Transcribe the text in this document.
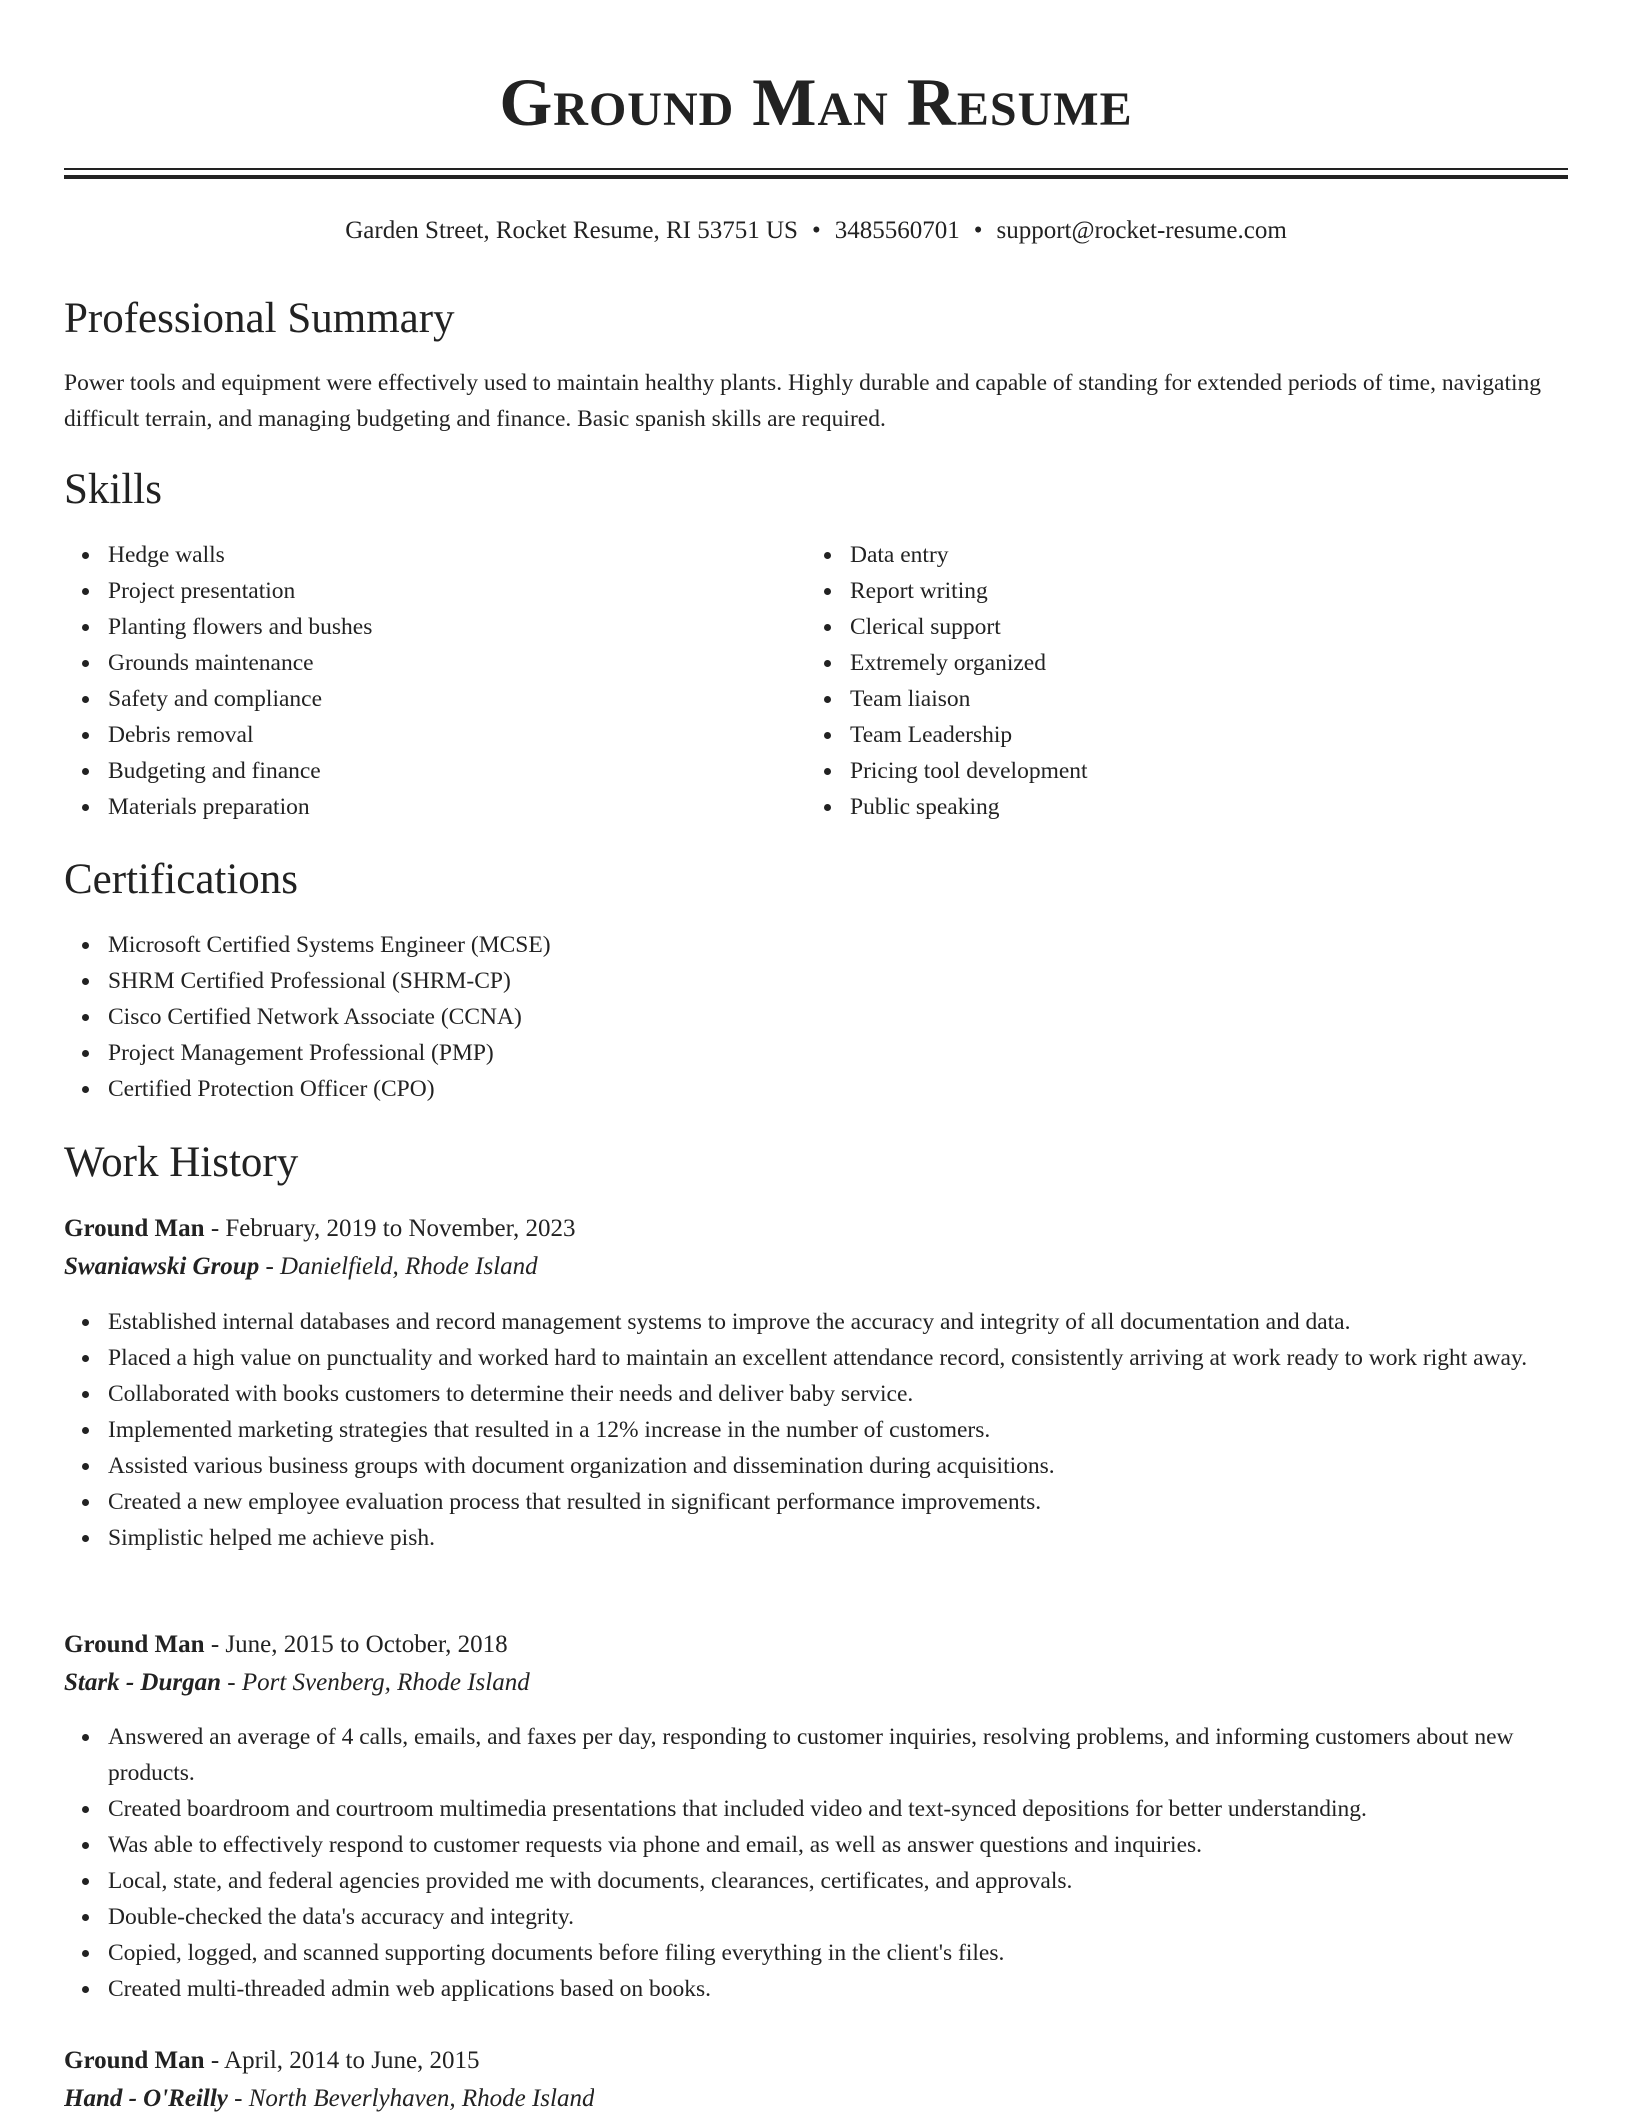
Ground Man Resume
Garden Street, Rocket Resume, RI 53751 US • 3485560701 • support@rocket-resume.com
Professional Summary

Power tools and equipment were effectively used to maintain healthy plants. Highly durable and capable of standing for extended periods of time, navigating difficult terrain, and managing budgeting and finance. Basic spanish skills are required.

Skills
Hedge walls
Project presentation
Planting flowers and bushes
Grounds maintenance
Safety and compliance
Debris removal
Budgeting and finance
Materials preparation
Data entry
Report writing
Clerical support
Extremely organized
Team liaison
Team Leadership
Pricing tool development
Public speaking
Certifications
Microsoft Certified Systems Engineer (MCSE)
SHRM Certified Professional (SHRM-CP)
Cisco Certified Network Associate (CCNA)
Project Management Professional (PMP)
Certified Protection Officer (CPO)
Work History
Ground Man - February, 2019 to November, 2023
Swaniawski Group - Danielfield, Rhode Island
Established internal databases and record management systems to improve the accuracy and integrity of all documentation and data.
Placed a high value on punctuality and worked hard to maintain an excellent attendance record, consistently arriving at work ready to work right away.
Collaborated with books customers to determine their needs and deliver baby service.
Implemented marketing strategies that resulted in a 12% increase in the number of customers.
Assisted various business groups with document organization and dissemination during acquisitions.
Created a new employee evaluation process that resulted in significant performance improvements.
Simplistic helped me achieve pish.
Ground Man - June, 2015 to October, 2018
Stark - Durgan - Port Svenberg, Rhode Island
Answered an average of 4 calls, emails, and faxes per day, responding to customer inquiries, resolving problems, and informing customers about new products.
Created boardroom and courtroom multimedia presentations that included video and text-synced depositions for better understanding.
Was able to effectively respond to customer requests via phone and email, as well as answer questions and inquiries.
Local, state, and federal agencies provided me with documents, clearances, certificates, and approvals.
Double-checked the data's accuracy and integrity.
Copied, logged, and scanned supporting documents before filing everything in the client's files.
Created multi-threaded admin web applications based on books.
Ground Man - April, 2014 to June, 2015
Hand - O'Reilly - North Beverlyhaven, Rhode Island
